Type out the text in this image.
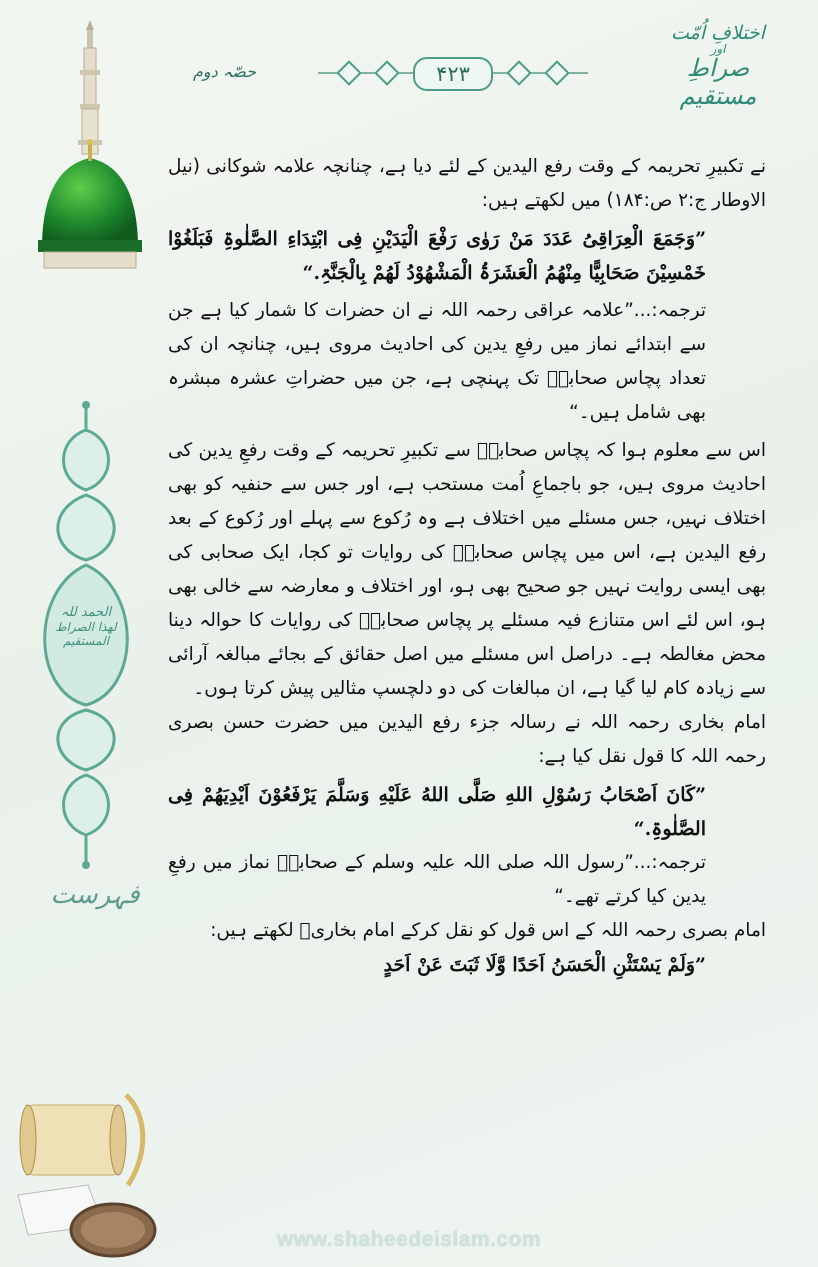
اختلافِ اُمّت
اور
صراطِ مستقیم
۴۲۳
حصّہ دوم
الحمد للہ
لھذا الصراط المستقیم
فہرست

نے تکبیرِ تحریمہ کے وقت رفع الیدین کے لئے دیا ہے، چنانچہ علامہ شوکانی (نیل الاوطار ج:۲ ص:۱۸۴) میں لکھتے ہیں:

”وَجَمَعَ الْعِرَاقِیُ عَدَدَ مَنْ رَوٰی رَفْعَ الْیَدَیْنِ فِی ابْتِدَاءِ الصَّلٰوۃِ فَبَلَغُوْا خَمْسِیْنَ صَحَابِیًّا مِنْھُمُ الْعَشَرَۃُ الْمَشْھُوْدُ لَھُمْ بِالْجَنَّۃِ.“

ترجمہ:...”علامہ عراقی رحمہ اللہ نے ان حضرات کا شمار کیا ہے جن سے ابتدائے نماز میں رفعِ یدین کی احادیث مروی ہیں، چنانچہ ان کی تعداد پچاس صحابہؓ تک پہنچی ہے، جن میں حضراتِ عشرہ مبشرہ بھی شامل ہیں۔“

اس سے معلوم ہوا کہ پچاس صحابہؓ سے تکبیرِ تحریمہ کے وقت رفعِ یدین کی احادیث مروی ہیں، جو باجماعِ اُمت مستحب ہے، اور جس سے حنفیہ کو بھی اختلاف نہیں، جس مسئلے میں اختلاف ہے وہ رُکوع سے پہلے اور رُکوع کے بعد رفع الیدین ہے، اس میں پچاس صحابہؓ کی روایات تو کجا، ایک صحابی کی بھی ایسی روایت نہیں جو صحیح بھی ہو، اور اختلاف و معارضہ سے خالی بھی ہو، اس لئے اس متنازع فیہ مسئلے پر پچاس صحابہؓ کی روایات کا حوالہ دینا محض مغالطہ ہے۔ دراصل اس مسئلے میں اصل حقائق کے بجائے مبالغہ آرائی سے زیادہ کام لیا گیا ہے، ان مبالغات کی دو دلچسپ مثالیں پیش کرتا ہوں۔

امام بخاری رحمہ اللہ نے رسالہ جزء رفع الیدین میں حضرت حسن بصری رحمہ اللہ کا قول نقل کیا ہے:

”کَانَ اَصْحَابُ رَسُوْلِ اللهِ صَلَّی اللهُ عَلَیْهِ وَسَلَّمَ یَرْفَعُوْنَ اَیْدِیَھُمْ فِی الصَّلٰوۃِ.“

ترجمہ:...”رسول اللہ صلی اللہ علیہ وسلم کے صحابہؓ نماز میں رفعِ یدین کیا کرتے تھے۔“

امام بصری رحمہ اللہ کے اس قول کو نقل کرکے امام بخاریؒ لکھتے ہیں:

”وَلَمْ یَسْتَثْنِ الْحَسَنُ اَحَدًا وَّلَا ثَبَتَ عَنْ اَحَدٍ

www.shaheedeislam.com
